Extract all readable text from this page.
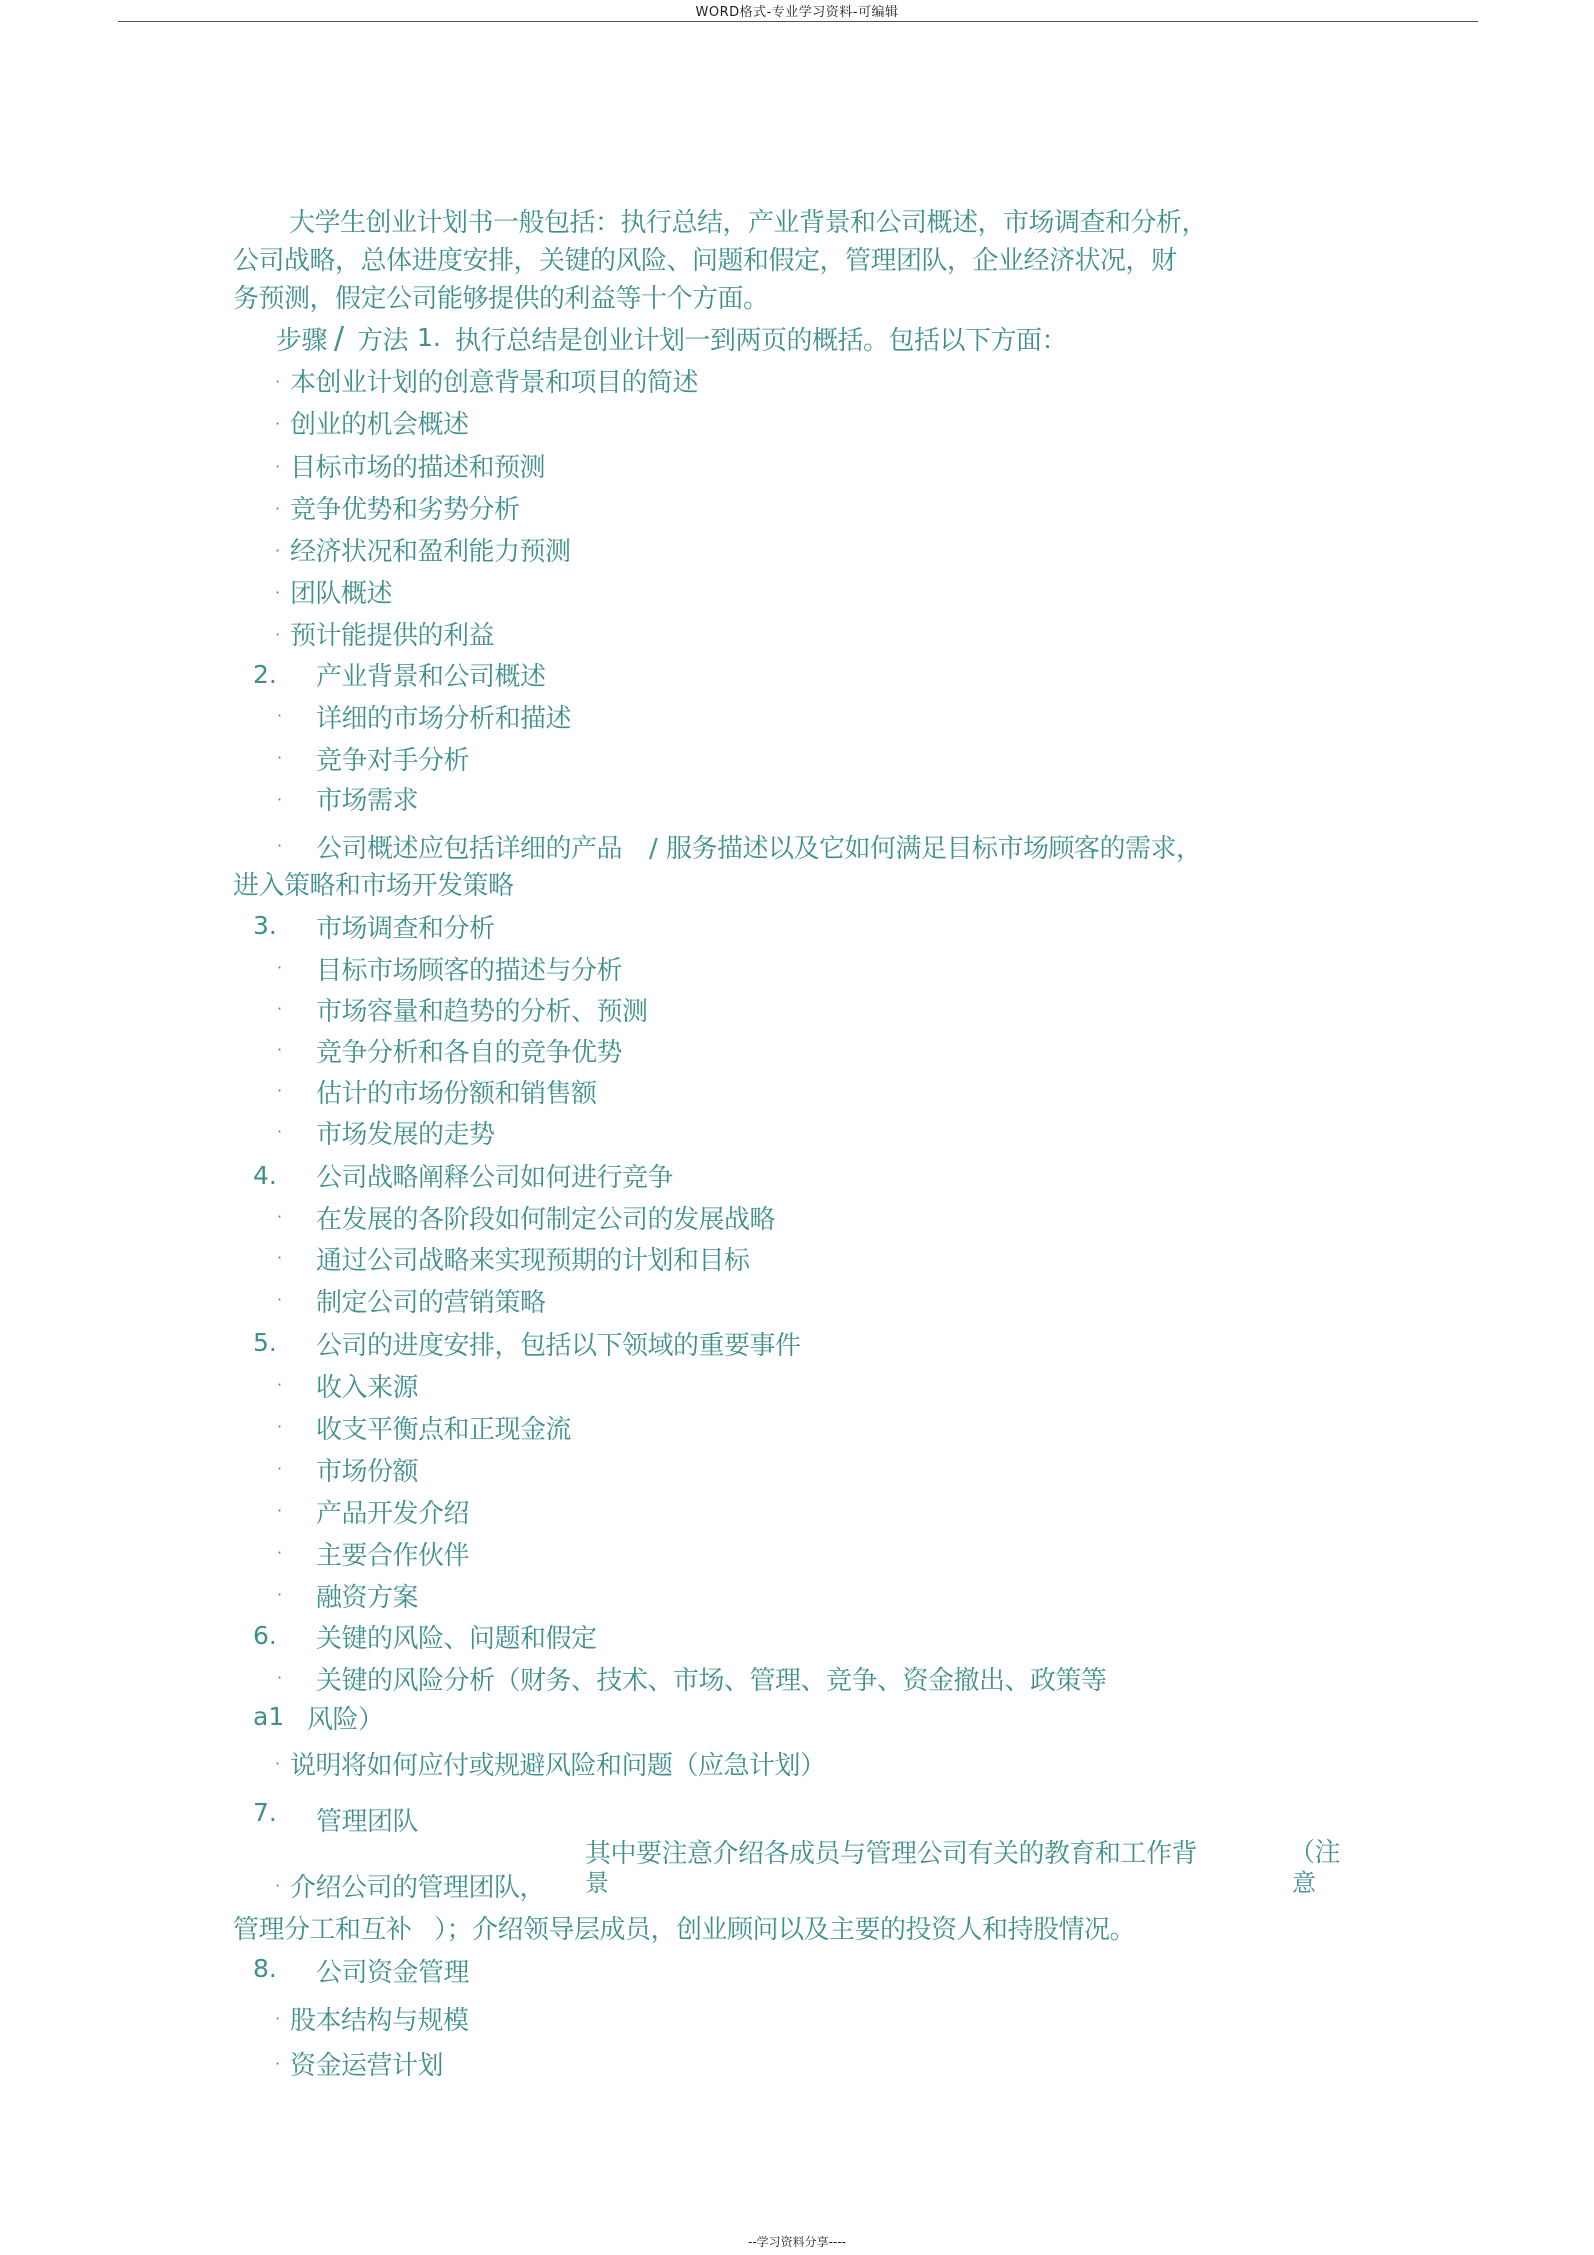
WORD格式-专业学习资料-可编辑
大学生创业计划书一般包括：执行总结，产业背景和公司概述，市场调查和分析，
公司战略，总体进度安排，关键的风险、问题和假定，管理团队，企业经济状况，财
务预测，假定公司能够提供的利益等十个方面。
步骤 / 方法 1. 执行总结是创业计划一到两页的概括。包括以下方面：
· 本创业计划的创意背景和项目的简述
· 创业的机会概述
· 目标市场的描述和预测
· 竞争优势和劣势分析
· 经济状况和盈利能力预测
· 团队概述
· 预计能提供的利益
2. 产业背景和公司概述
· 详细的市场分析和描述
· 竞争对手分析
· 市场需求
· 公司概述应包括详细的产品 / 服务描述以及它如何满足目标市场顾客的需求，
进入策略和市场开发策略
3. 市场调查和分析
· 目标市场顾客的描述与分析
· 市场容量和趋势的分析、预测
· 竞争分析和各自的竞争优势
· 估计的市场份额和销售额
· 市场发展的走势
4. 公司战略阐释公司如何进行竞争
· 在发展的各阶段如何制定公司的发展战略
· 通过公司战略来实现预期的计划和目标
· 制定公司的营销策略
5. 公司的进度安排，包括以下领域的重要事件
· 收入来源
· 收支平衡点和正现金流
· 市场份额
· 产品开发介绍
· 主要合作伙伴
· 融资方案
6. 关键的风险、问题和假定
· 关键的风险分析（财务、技术、市场、管理、竞争、资金撤出、政策等
a1 风险）
· 说明将如何应付或规避风险和问题（应急计划）
7. 管理团队
· 介绍公司的管理团队，
其中要注意介绍各成员与管理公司有关的教育和工作背
景
（注
意
管理分工和互补 ）；介绍领导层成员，创业顾问以及主要的投资人和持股情况。
8. 公司资金管理
· 股本结构与规模
· 资金运营计划
--学习资料分享----
